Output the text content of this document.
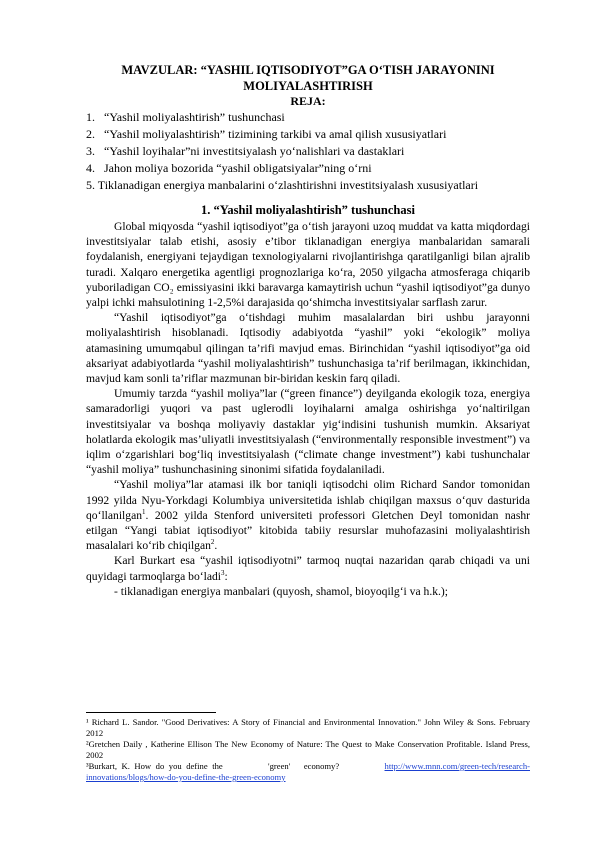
MAVZULAR: “YASHIL IQTISODIYOT”GA O‘TISH JARAYONINI MOLIYALASHTIRISH

REJA:

1. “Yashil moliyalashtirish” tushunchasi
2. “Yashil moliyalashtirish” tizimining tarkibi va amal qilish xususiyatlari
3. “Yashil loyihalar”ni investitsiyalash yo‘nalishlari va dastaklari
4. Jahon moliya bozorida “yashil obligatsiyalar”ning o‘rni
5. Tiklanadigan energiya manbalarini o‘zlashtirishni investitsiyalash xususiyatlari

1. “Yashil moliyalashtirish” tushunchasi

Global miqyosda “yashil iqtisodiyot”ga o‘tish jarayoni uzoq muddat va katta miqdordagi investitsiyalar talab etishi, asosiy e’tibor tiklanadigan energiya manbalaridan samarali foydalanish, energiyani tejaydigan texnologiyalarni rivojlantirishga qaratilganligi bilan ajralib turadi. Xalqaro energetika agentligi prognozlariga ko‘ra, 2050 yilgacha atmosferaga chiqarib yuboriladigan CO₂ emissiyasini ikki baravarga kamaytirish uchun “yashil iqtisodiyot”ga dunyo yalpi ichki mahsulotining 1-2,5%i darajasida qo‘shimcha investitsiyalar sarflash zarur.

“Yashil iqtisodiyot”ga o‘tishdagi muhim masalalardan biri ushbu jarayonni moliyalashtirish hisoblanadi. Iqtisodiy adabiyotda “yashil” yoki “ekologik” moliya atamasining umumqabul qilingan ta’rifi mavjud emas. Birinchidan “yashil iqtisodiyot”ga oid aksariyat adabiyotlarda “yashil moliyalashtirish” tushunchasiga ta’rif berilmagan, ikkinchidan, mavjud kam sonli ta’riflar mazmunan bir-biridan keskin farq qiladi.

Umumiy tarzda “yashil moliya”lar (“green finance”) deyilganda ekologik toza, energiya samaradorligi yuqori va past uglerodli loyihalarni amalga oshirishga yo‘naltirilgan investitsiyalar va boshqa moliyaviy dastaklar yig‘indisini tushunish mumkin. Aksariyat holatlarda ekologik mas’uliyatli investitsiyalash (“environmentally responsible investment”) va iqlim o‘zgarishlari bog‘liq investitsiyalash (“climate change investment”) kabi tushunchalar “yashil moliya” tushunchasining sinonimi sifatida foydalaniladi.

“Yashil moliya”lar atamasi ilk bor taniqli iqtisodchi olim Richard Sandor tomonidan 1992 yilda Nyu-Yorkdagi Kolumbiya universitetida ishlab chiqilgan maxsus o‘quv dasturida qo‘llanilgan$^1$. 2002 yilda Stenford universiteti professori Gletchen Deyl tomonidan nashr etilgan “Yangi tabiat iqtisodiyot” kitobida tabiiy resurslar muhofazasini moliyalashtirish masalalari ko‘rib chiqilgan$^2$.

Karl Burkart esa “yashil iqtisodiyotni” tarmoq nuqtai nazaridan qarab chiqadi va uni quyidagi tarmoqlarga bo‘ladi$^3$:

- tiklanadigan energiya manbalari (quyosh, shamol, bioyoqilg‘i va h.k.);

¹ Richard L. Sandor. "Good Derivatives: A Story of Financial and Environmental Innovation." John Wiley & Sons. February 2012

²Gretchen Daily , Katherine Ellison The New Economy of Nature: The Quest to Make Conservation Profitable. Island Press, 2002

³Burkart, K. How do you define the          'green'   economy?          http://www.mnn.com/green-tech/research-innovations/blogs/how-do-you-define-the-green-economy
